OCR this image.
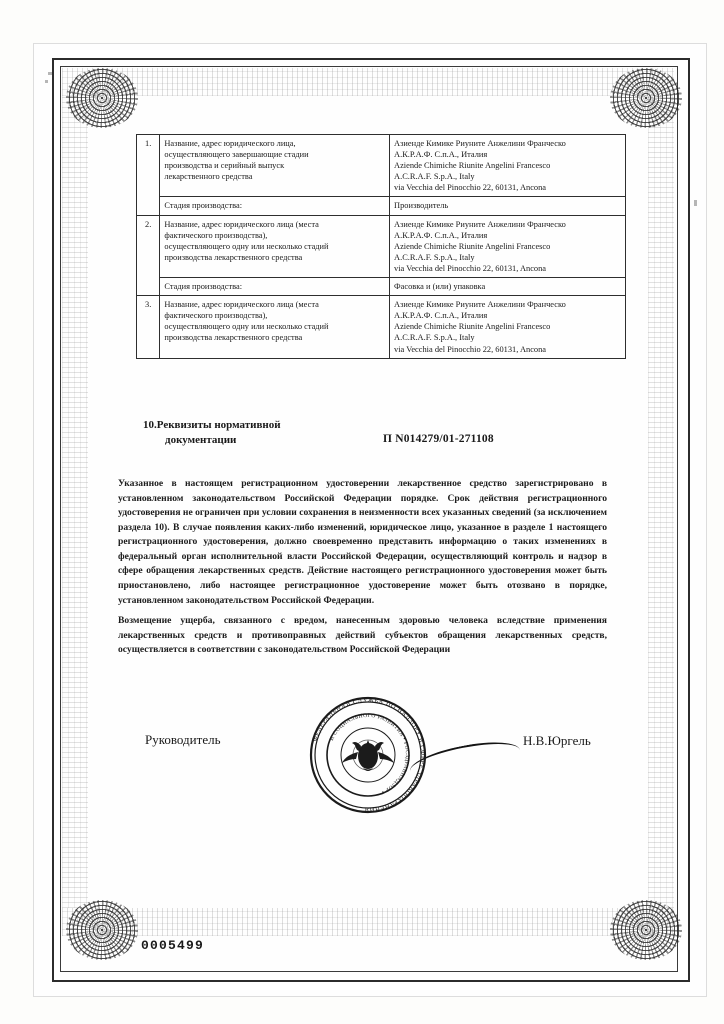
1.	Название, адрес юридического лица,
осуществляющего завершающие стадии
производства и серийный выпуск
лекарственного средства	Азиенде Кимике Риуните Анжелини Франческо
А.К.Р.А.Ф. С.п.А., Италия
Aziende Chimiche Riunite Angelini Francesco
A.C.R.A.F. S.p.A., Italy
via Vecchia del Pinocchio 22, 60131, Ancona

	Стадия производства:	Производитель

2.	Название, адрес юридического лица (места
фактического производства),
осуществляющего одну или несколько стадий
производства лекарственного средства	Азиенде Кимике Риуните Анжелини Франческо
А.К.Р.А.Ф. С.п.А., Италия
Aziende Chimiche Riunite Angelini Francesco
A.C.R.A.F. S.p.A., Italy
via Vecchia del Pinocchio 22, 60131, Ancona

	Стадия производства:	Фасовка и (или) упаковка

3.	Название, адрес юридического лица (места
фактического производства),
осуществляющего одну или несколько стадий
производства лекарственного средства	Азиенде Кимике Риуните Анжелини Франческо
А.К.Р.А.Ф. С.п.А., Италия
Aziende Chimiche Riunite Angelini Francesco
A.C.R.A.F. S.p.A., Italy
via Vecchia del Pinocchio 22, 60131, Ancona
10.Реквизиты нормативной
документации	П N014279/01-271108
Указанное в настоящем регистрационном удостоверении лекарственное средство зарегистрировано в установленном законодательством Российской Федерации порядке. Срок действия регистрационного удостоверения не ограничен при условии сохранения в неизменности всех указанных сведений (за исключением раздела 10). В случае появления каких-либо изменений, юридическое лицо, указанное в разделе 1 настоящего регистрационного удостоверения, должно своевременно представить информацию о таких изменениях в федеральный орган исполнительной власти Российской Федерации, осуществляющий контроль и надзор в сфере обращения лекарственных средств. Действие настоящего регистрационного удостоверения может быть приостановлено, либо настоящее регистрационное удостоверение может быть отозвано в порядке, установленном законодательством Российской Федерации.
Возмещение ущерба, связанного с вредом, нанесенным здоровью человека вследствие применения лекарственных средств и противоправных действий субъектов обращения лекарственных средств, осуществляется в соответствии с законодательством Российской Федерации
Руководитель	Н.В.Юргель
ФЕДЕРАЛЬНАЯ СЛУЖБА ПО НАДЗОРУ В СФЕРЕ ЗДРАВООХРАНЕНИЯ
И СОЦИАЛЬНОГО РАЗВИТИЯ • РОСЗДРАВНАДЗОР •
0005499
